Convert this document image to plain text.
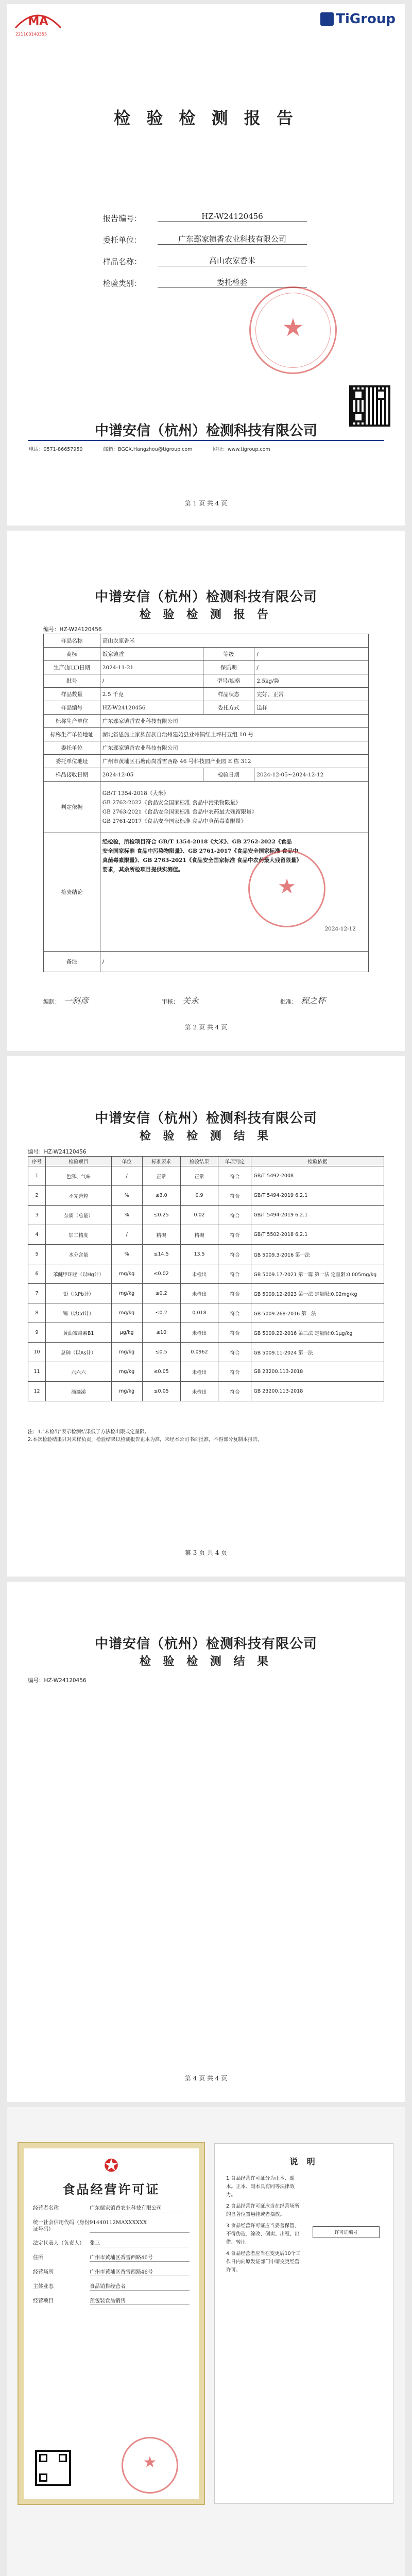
MA
221100140355
TiGroup
检 验 检 测 报 告
报告编号：	HZ-W24120456
委托单位：	广东鄢家镇香农业科技有限公司
样品名称：	高山农家香米
检验类别：	委托检验
★
中谱安信（杭州）检测科技有限公司
电话：0571-86657950	邮箱：BGCX.Hangzhou@tigroup.com	网址：www.tigroup.com
第 1 页 共 4 页
中谱安信（杭州）检测科技有限公司
检 验 检 测 报 告
编号：HZ-W24120456
样品名称	高山农家香米		
商标	饭家镇香	等级	/
生产(加工)日期	2024-11-21	保质期	/
批号	/	型号/规格	2.5kg/袋
样品数量	2.5 千克	样品状态	完好、正常
样品编号	HZ-W24120456	委托方式	送样
标称生产单位	广东鄢家镇香农业科技有限公司		
标称生产单位地址	湖北省恩施土家族苗族自治州建始县业州镇红土坪村五组 10 号		
委托单位	广东鄢家镇香农业科技有限公司		
委托单位地址	广州市黄埔区石塘南岗香雪西路 46 号科技园产业园 E 栋 312		
样品接收日期	2024-12-05	检验日期	2024-12-05~2024-12-12
判定依据	GB/T 1354-2018《大米》
GB 2762-2022《食品安全国家标准 食品中污染物限量》
GB 2763-2021《食品安全国家标准 食品中农药最大残留限量》
GB 2761-2017《食品安全国家标准 食品中真菌毒素限量》		

检验结论	经检验，所检项目符合 GB/T 1354-2018《大米》、GB 2762-2022《食品
安全国家标准 食品中污染物限量》、GB 2761-2017《食品安全国家标准 食品中
真菌毒素限量》、GB 2763-2021《食品安全国家标准 食品中农药最大残留限量》
要求，其余所检项目提供实测值。
2024-12-12		

备注	/		
★
编制： 一斜彦	审核： 关永	批准： 程之杯
第 2 页 共 4 页
中谱安信（杭州）检测科技有限公司
检 验 检 测 结 果
编号：HZ-W24120456
序号	检验项目	单位	标准要求	检验结果	单项判定	检验依据
1	色泽、气味	/	正常	正常	符合	GB/T 5492-2008
2	不完善粒	%	≤3.0	0.9	符合	GB/T 5494-2019 6.2.1
3	杂质（总量）	%	≤0.25	0.02	符合	GB/T 5494-2019 6.2.1
4	加工精度	/	精碾	精碾	符合	GB/T 5502-2018 6.2.1
5	水分含量	%	≤14.5	13.5	符合	GB 5009.3-2016 第一法
6	苯醚甲环唑（以Hg计）	mg/kg	≤0.02	未检出	符合	GB 5009.17-2021 第一篇 第一法 定量限:0.005mg/kg
7	铅（以Pb计）	mg/kg	≤0.2	未检出	符合	GB 5009.12-2023 第一法 定量限:0.02mg/kg
8	镉（以Cd计）	mg/kg	≤0.2	0.018	符合	GB 5009.268-2016 第一法
9	黄曲霉毒素B1	μg/kg	≤10	未检出	符合	GB 5009.22-2016 第三法 定量限:0.1μg/kg
10	总砷（以As计）	mg/kg	≤0.5	0.0962	符合	GB 5009.11-2024 第一法
11	六六六	mg/kg	≤0.05	未检出	符合	GB 23200.113-2018
12	滴滴涕	mg/kg	≤0.05	未检出	符合	GB 23200.113-2018
注：1."未检出"表示检测结果低于方法检出限或定量限。
2.本次检验结果只对来样负责，检验结果以检测报告正本为准，未经本公司书面批准，不得部分复制本报告。
第 3 页 共 4 页
中谱安信（杭州）检测科技有限公司
检 验 检 测 结 果
编号：HZ-W24120456
第 4 页 共 4 页
✪
食品经营许可证
经营者名称	广东鄢家镇香农业科技有限公司
统一社会信用代码（身份证号码）
91440112MAXXXXXX
法定代表人（负责人）	张三
住所	广州市黄埔区香雪西路46号
经营场所	广州市黄埔区香雪西路46号
主体业态	食品销售经营者
经营项目	预包装食品销售
★
说 明
1.食品经营许可证分为正本、副本。正本、副本具有同等法律效力。
2.食品经营许可证应当在经营场所的显著位置悬挂或者摆放。
3.食品经营许可证应当妥善保管，不得伪造、涂改、倒卖、出租、出借、转让。
4.食品经营者应当在变更后10个工作日内向原发证部门申请变更经营许可。
许可证编号
